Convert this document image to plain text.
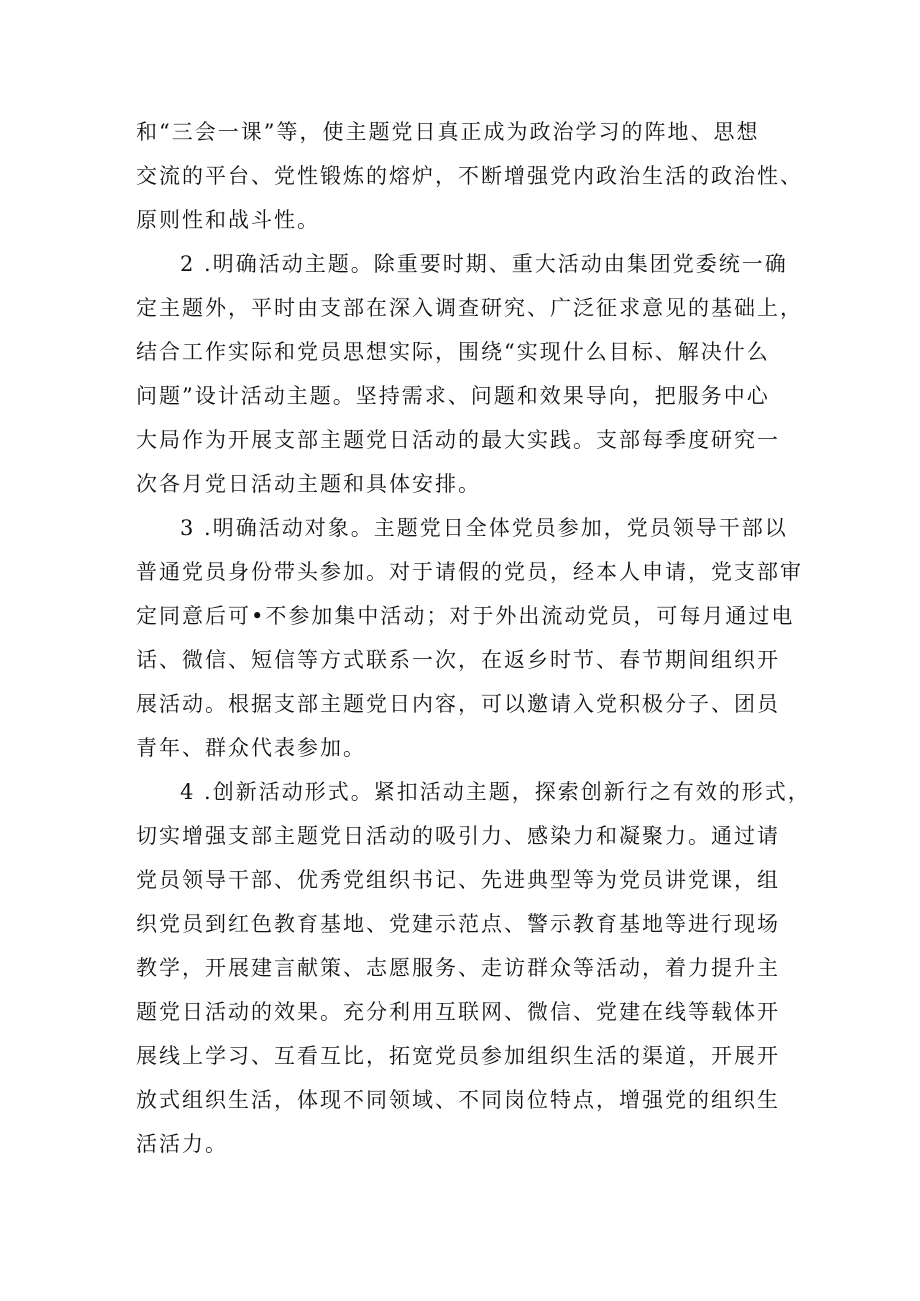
和“三会一课”等，使主题党日真正成为政治学习的阵地、思想
交流的平台、党性锻炼的熔炉，不断增强党内政治生活的政治性、
原则性和战斗性。
2 .明确活动主题。除重要时期、重大活动由集团党委统一确
定主题外，平时由支部在深入调查研究、广泛征求意见的基础上，
结合工作实际和党员思想实际，围绕“实现什么目标、解决什么
问题”设计活动主题。坚持需求、问题和效果导向，把服务中心
大局作为开展支部主题党日活动的最大实践。支部每季度研究一
次各月党日活动主题和具体安排。
3 .明确活动对象。主题党日全体党员参加，党员领导干部以
普通党员身份带头参加。对于请假的党员，经本人申请，党支部审
定同意后可•不参加集中活动；对于外出流动党员，可每月通过电
话、微信、短信等方式联系一次，在返乡时节、春节期间组织开
展活动。根据支部主题党日内容，可以邀请入党积极分子、团员
青年、群众代表参加。
4 .创新活动形式。紧扣活动主题，探索创新行之有效的形式，
切实增强支部主题党日活动的吸引力、感染力和凝聚力。通过请
党员领导干部、优秀党组织书记、先进典型等为党员讲党课，组
织党员到红色教育基地、党建示范点、警示教育基地等进行现场
教学，开展建言献策、志愿服务、走访群众等活动，着力提升主
题党日活动的效果。充分利用互联网、微信、党建在线等载体开
展线上学习、互看互比，拓宽党员参加组织生活的渠道，开展开
放式组织生活，体现不同领域、不同岗位特点，增强党的组织生
活活力。
